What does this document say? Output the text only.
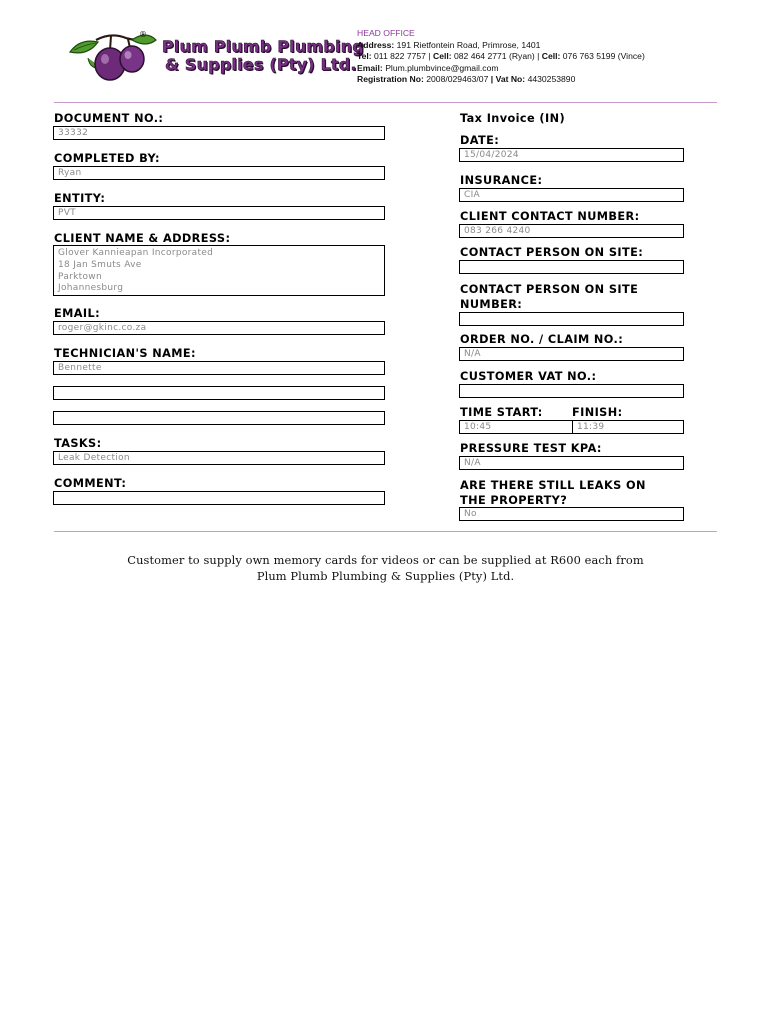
®
Plum Plumb Plumbing
& Supplies (Pty) Ltd.
HEAD OFFICE
Address: 191 Rietfontein Road, Primrose, 1401
Tel: 011 822 7757 | Cell: 082 464 2771 (Ryan) | Cell: 076 763 5199 (Vince)
Email: Plum.plumbvince@gmail.com
Registration No: 2008/029463/07 | Vat No: 4430253890
DOCUMENT NO.:
33332
COMPLETED BY:
Ryan
ENTITY:
PVT
CLIENT NAME & ADDRESS:
Glover Kannieapan Incorporated
18 Jan Smuts Ave
Parktown
Johannesburg
EMAIL:
roger@gkinc.co.za
TECHNICIAN'S NAME:
Bennette
TASKS:
Leak Detection
COMMENT:
Tax Invoice (IN)
DATE:
15/04/2024
INSURANCE:
CIA
CLIENT CONTACT NUMBER:
083 266 4240
CONTACT PERSON ON SITE:
CONTACT PERSON ON SITE
NUMBER:
ORDER NO. / CLAIM NO.:
N/A
CUSTOMER VAT NO.:
TIME START:	FINISH:
10:45	11:39
PRESSURE TEST KPA:
N/A
ARE THERE STILL LEAKS ON
THE PROPERTY?
No
Customer to supply own memory cards for videos or can be supplied at R600 each from
Plum Plumb Plumbing & Supplies (Pty) Ltd.
